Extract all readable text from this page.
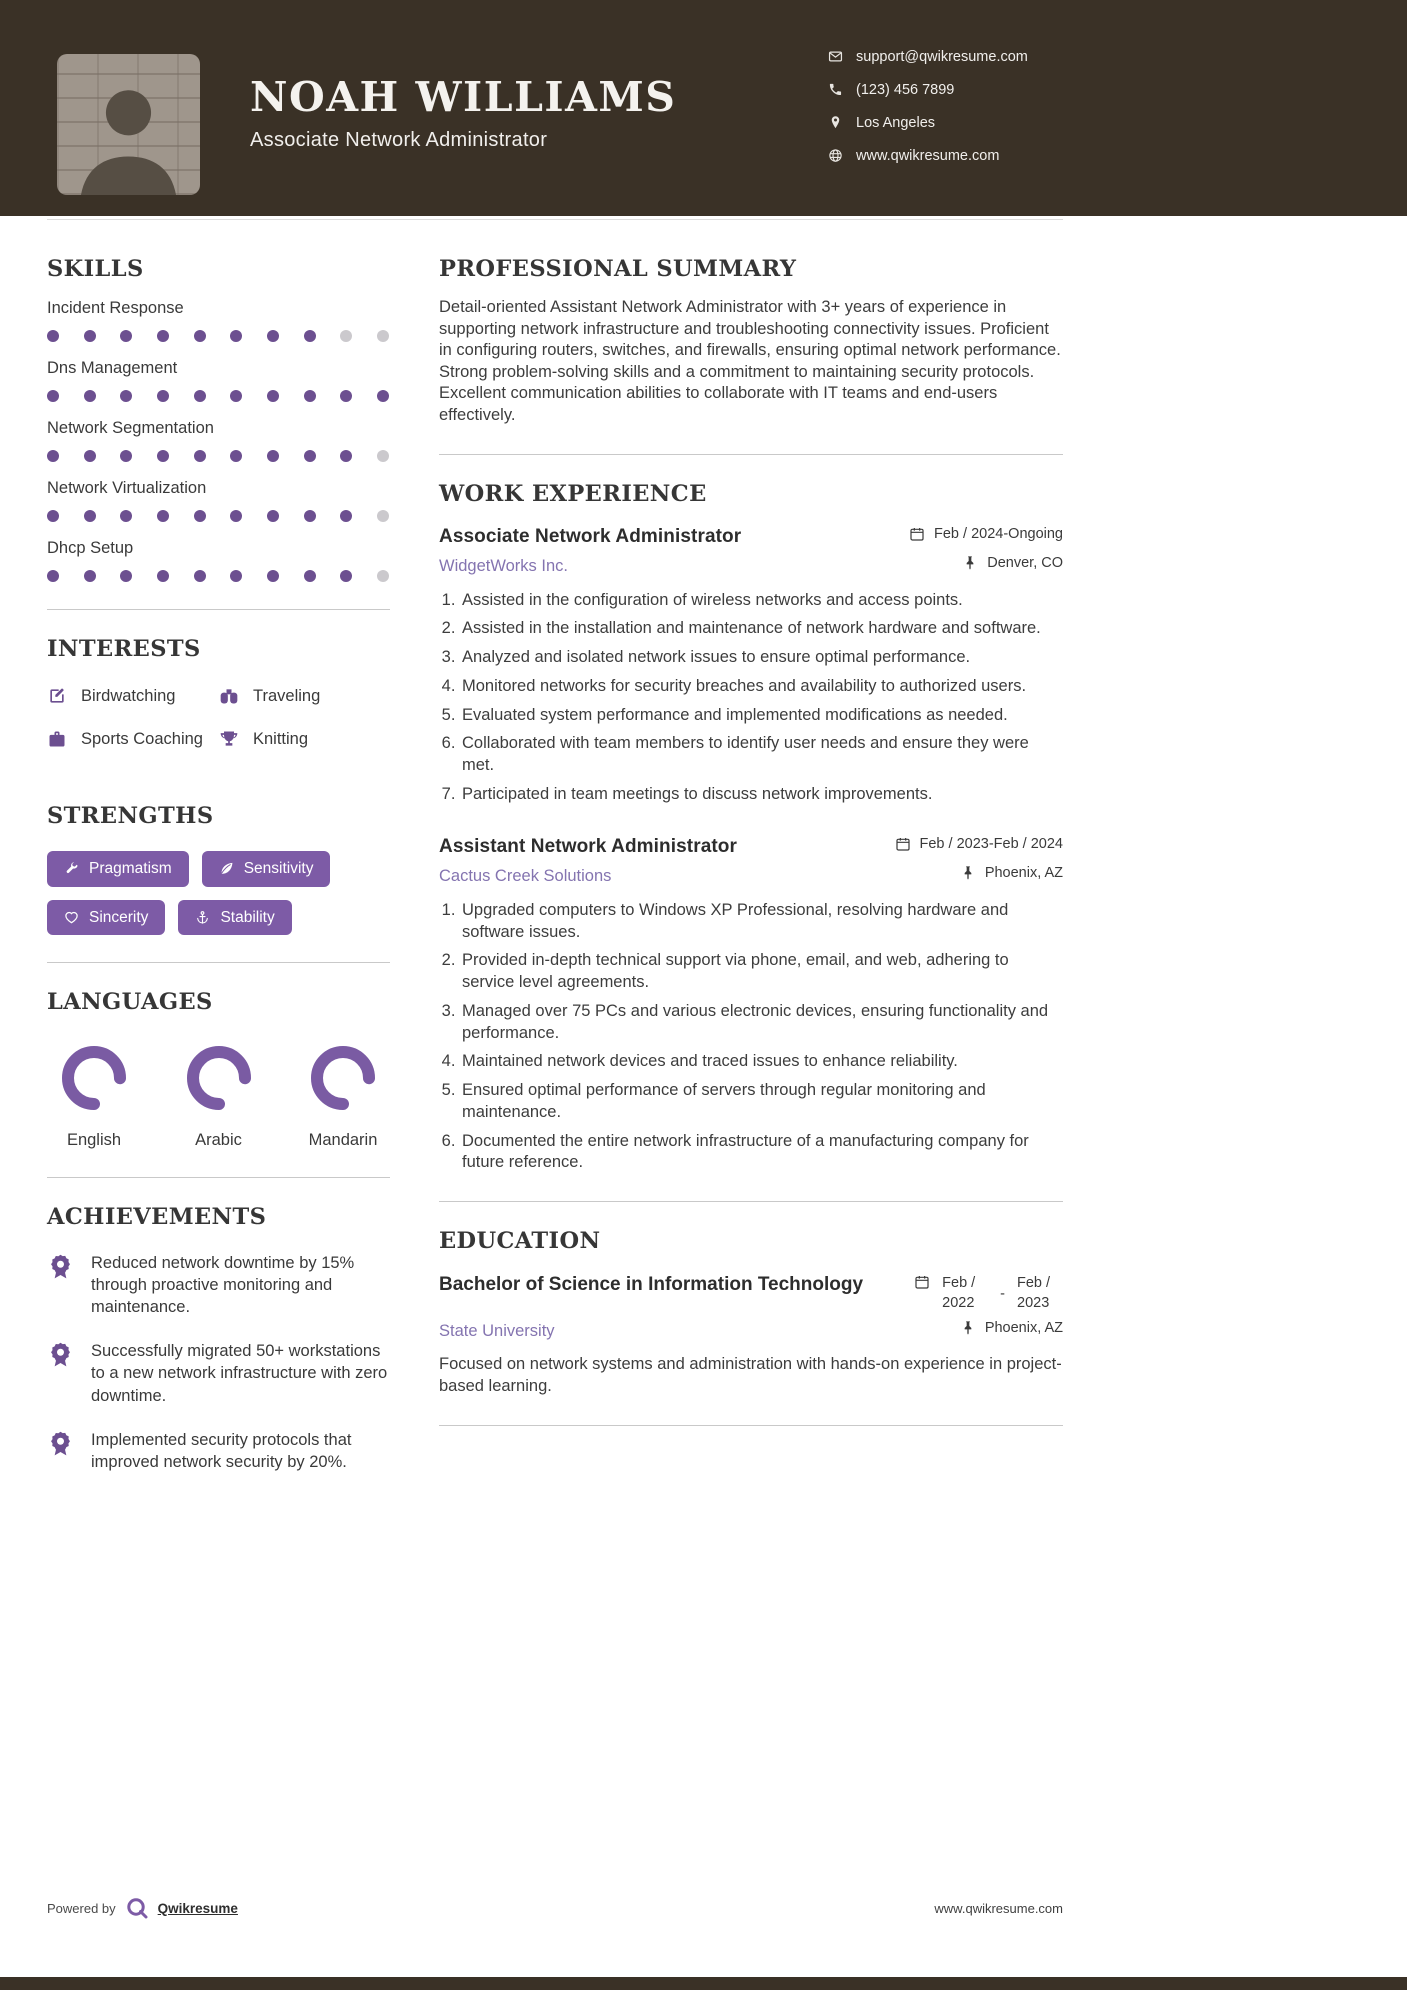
NOAH WILLIAMS
Associate Network Administrator
support@qwikresume.com
(123) 456 7899
Los Angeles
www.qwikresume.com
SKILLS
Incident Response
Dns Management
Network Segmentation
Network Virtualization
Dhcp Setup
INTERESTS
Birdwatching	Traveling
Sports Coaching	Knitting
STRENGTHS
Pragmatism	Sensitivity
Sincerity	Stability
LANGUAGES
English	Arabic	Mandarin
ACHIEVEMENTS
Reduced network downtime by 15% through proactive monitoring and maintenance.
Successfully migrated 50+ workstations to a new network infrastructure with zero downtime.
Implemented security protocols that improved network security by 20%.
PROFESSIONAL SUMMARY

Detail-oriented Assistant Network Administrator with 3+ years of experience in supporting network infrastructure and troubleshooting connectivity issues. Proficient in configuring routers, switches, and firewalls, ensuring optimal network performance. Strong problem-solving skills and a commitment to maintaining security protocols. Excellent communication abilities to collaborate with IT teams and end-users effectively.

WORK EXPERIENCE
Associate Network Administrator	Feb / 2024-Ongoing
WidgetWorks Inc.	Denver, CO
1. Assisted in the configuration of wireless networks and access points.
2. Assisted in the installation and maintenance of network hardware and software.
3. Analyzed and isolated network issues to ensure optimal performance.
4. Monitored networks for security breaches and availability to authorized users.
5. Evaluated system performance and implemented modifications as needed.
6. Collaborated with team members to identify user needs and ensure they were met.
7. Participated in team meetings to discuss network improvements.
Assistant Network Administrator	Feb / 2023-Feb / 2024
Cactus Creek Solutions	Phoenix, AZ
1. Upgraded computers to Windows XP Professional, resolving hardware and software issues.
2. Provided in-depth technical support via phone, email, and web, adhering to service level agreements.
3. Managed over 75 PCs and various electronic devices, ensuring functionality and performance.
4. Maintained network devices and traced issues to enhance reliability.
5. Ensured optimal performance of servers through regular monitoring and maintenance.
6. Documented the entire network infrastructure of a manufacturing company for future reference.
EDUCATION
Bachelor of Science in Information Technology	Feb / 2022
-
Feb / 2023
State University	Phoenix, AZ

Focused on network systems and administration with hands-on experience in project-based learning.

Powered by	Qwikresume	www.qwikresume.com
